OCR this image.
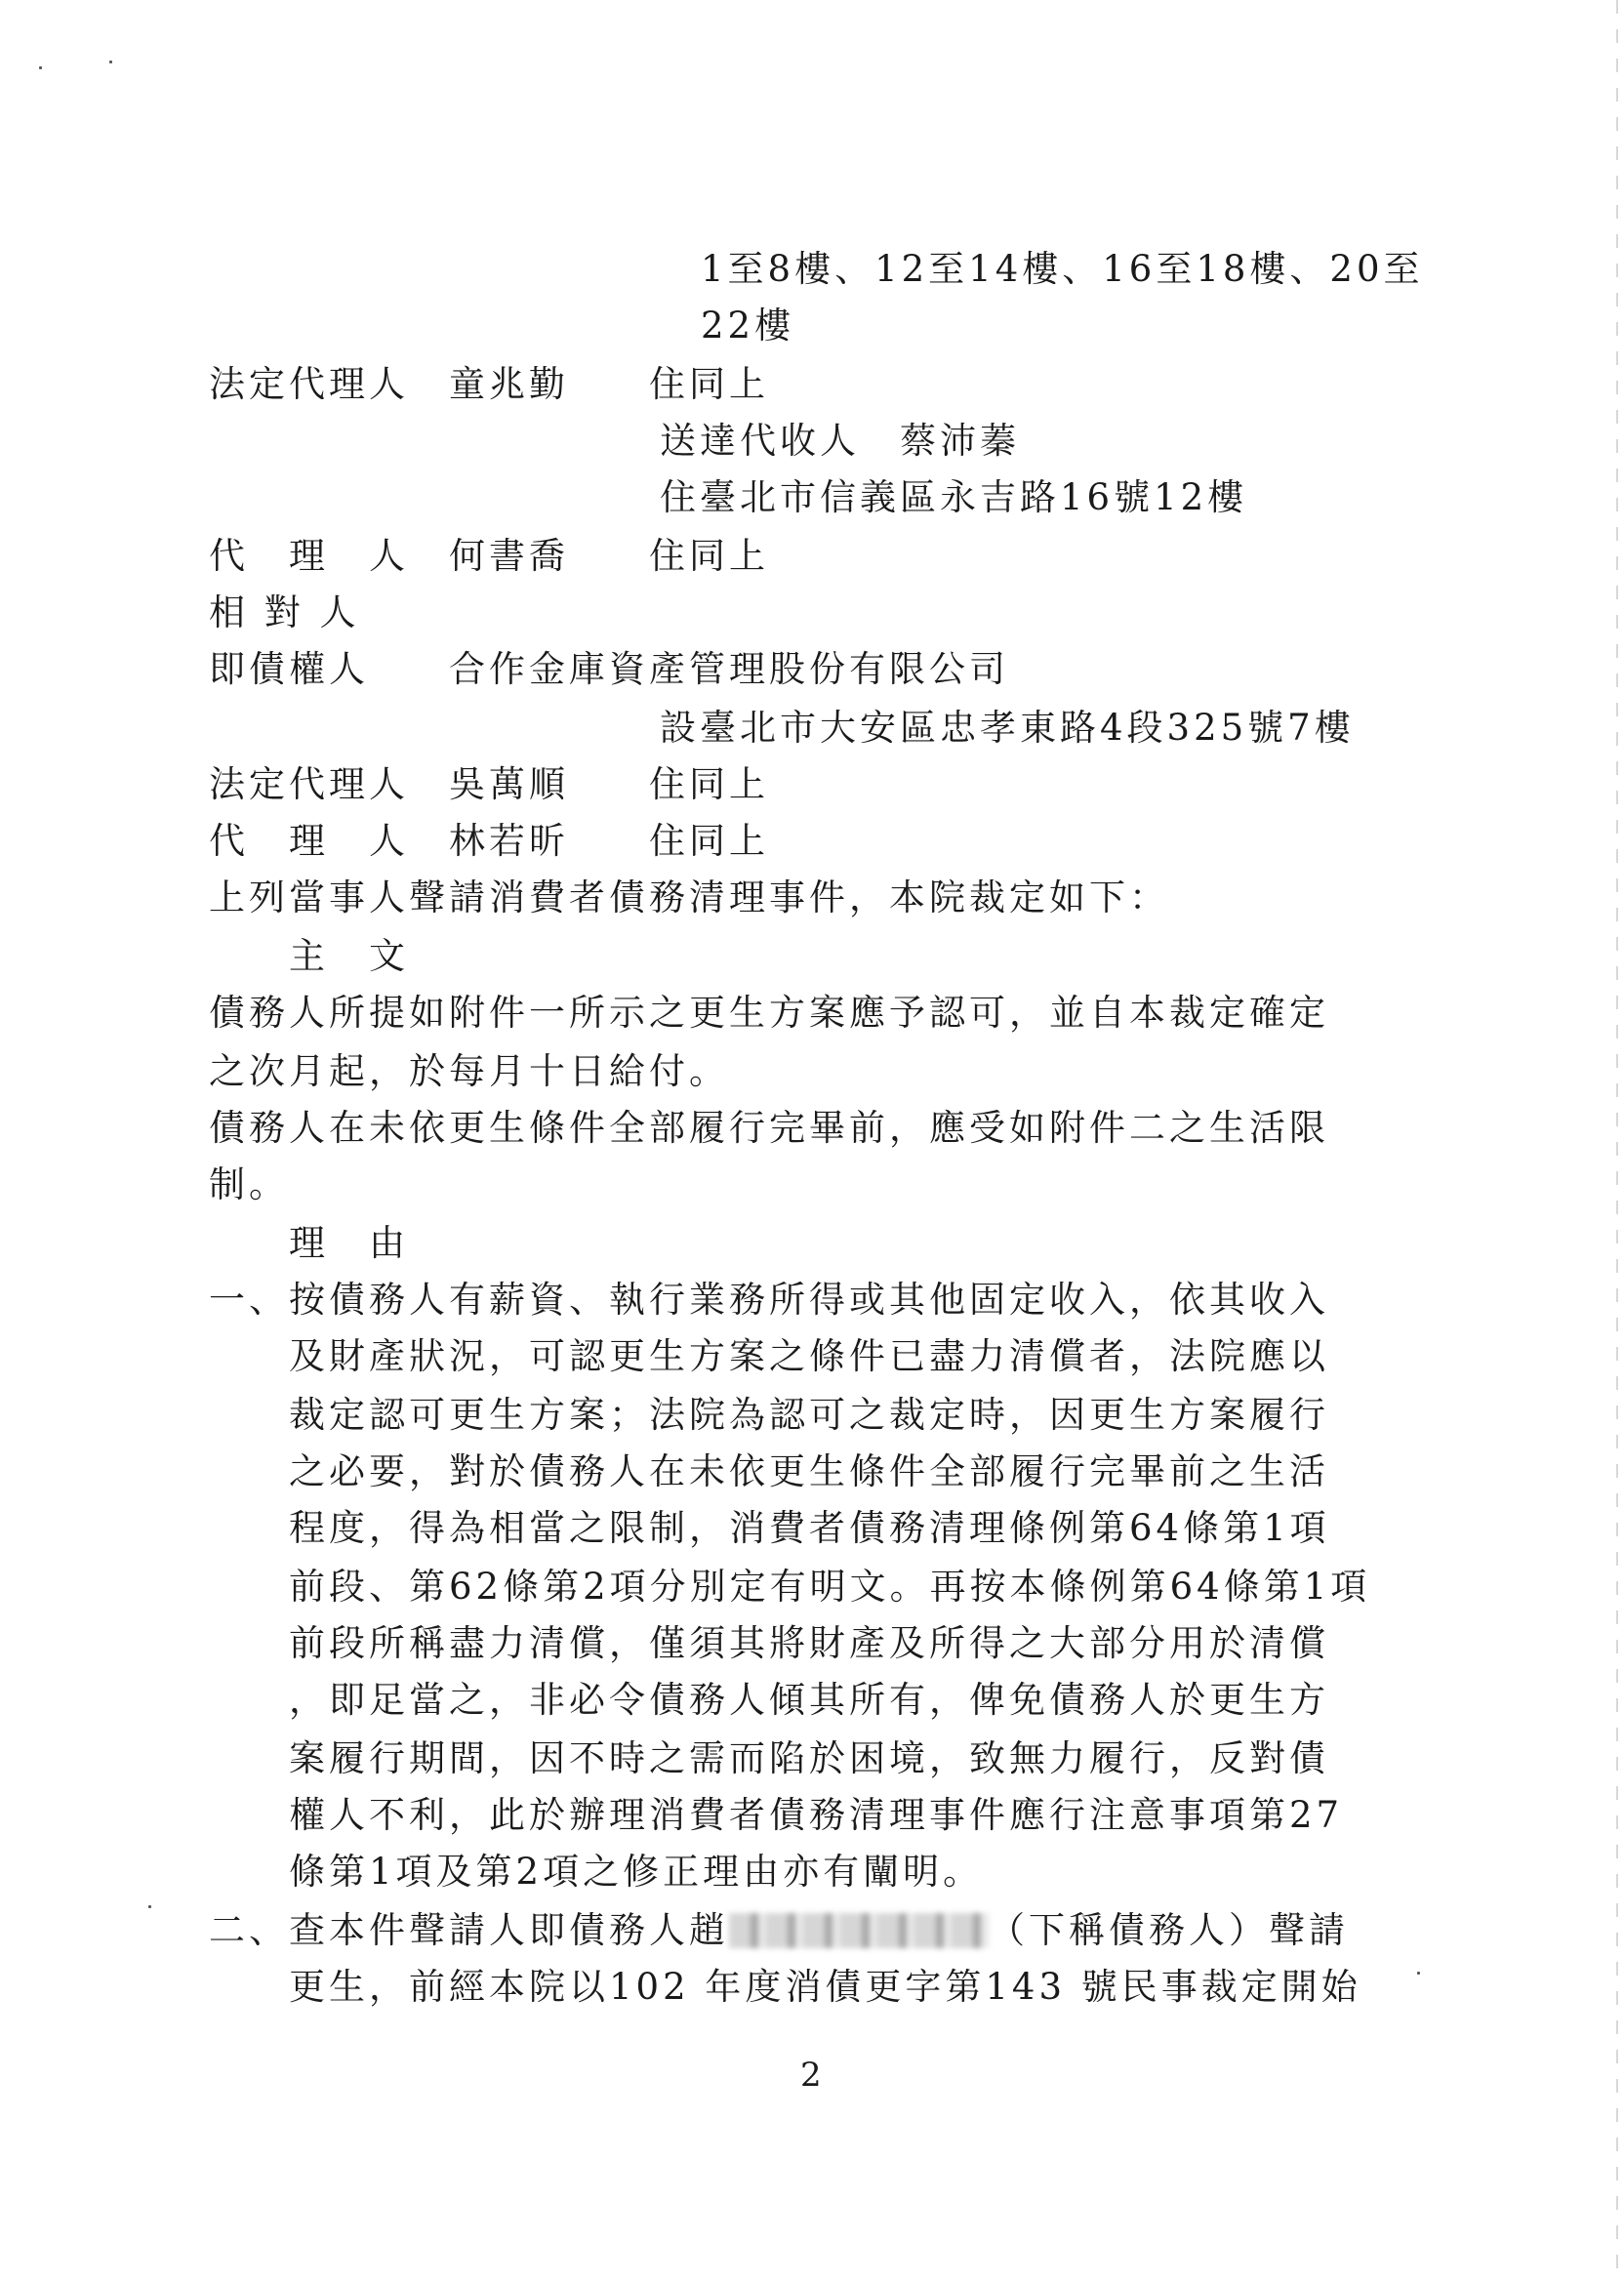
1至8樓、12至14樓、16至18樓、20至
22樓
法定代理人　童兆勤　　住同上
送達代收人　蔡沛蓁
住臺北市信義區永吉路16號12樓
代　理　人　何書喬　　住同上
相 對 人
即債權人　　合作金庫資產管理股份有限公司
設臺北市大安區忠孝東路4段325號7樓
法定代理人　吳萬順　　住同上
代　理　人　林若昕　　住同上
上列當事人聲請消費者債務清理事件，本院裁定如下：
主　文
債務人所提如附件一所示之更生方案應予認可，並自本裁定確定
之次月起，於每月十日給付。
債務人在未依更生條件全部履行完畢前，應受如附件二之生活限
制。
理　由
一、按債務人有薪資、執行業務所得或其他固定收入，依其收入
及財產狀況，可認更生方案之條件已盡力清償者，法院應以
裁定認可更生方案；法院為認可之裁定時，因更生方案履行
之必要，對於債務人在未依更生條件全部履行完畢前之生活
程度，得為相當之限制，消費者債務清理條例第64條第1項
前段、第62條第2項分別定有明文。再按本條例第64條第1項
前段所稱盡力清償，僅須其將財產及所得之大部分用於清償
，即足當之，非必令債務人傾其所有，俾免債務人於更生方
案履行期間，因不時之需而陷於困境，致無力履行，反對債
權人不利，此於辦理消費者債務清理事件應行注意事項第27
條第1項及第2項之修正理由亦有闡明。
二、查本件聲請人即債務人趙	（下稱債務人）聲請
更生，前經本院以102 年度消債更字第143 號民事裁定開始
2
